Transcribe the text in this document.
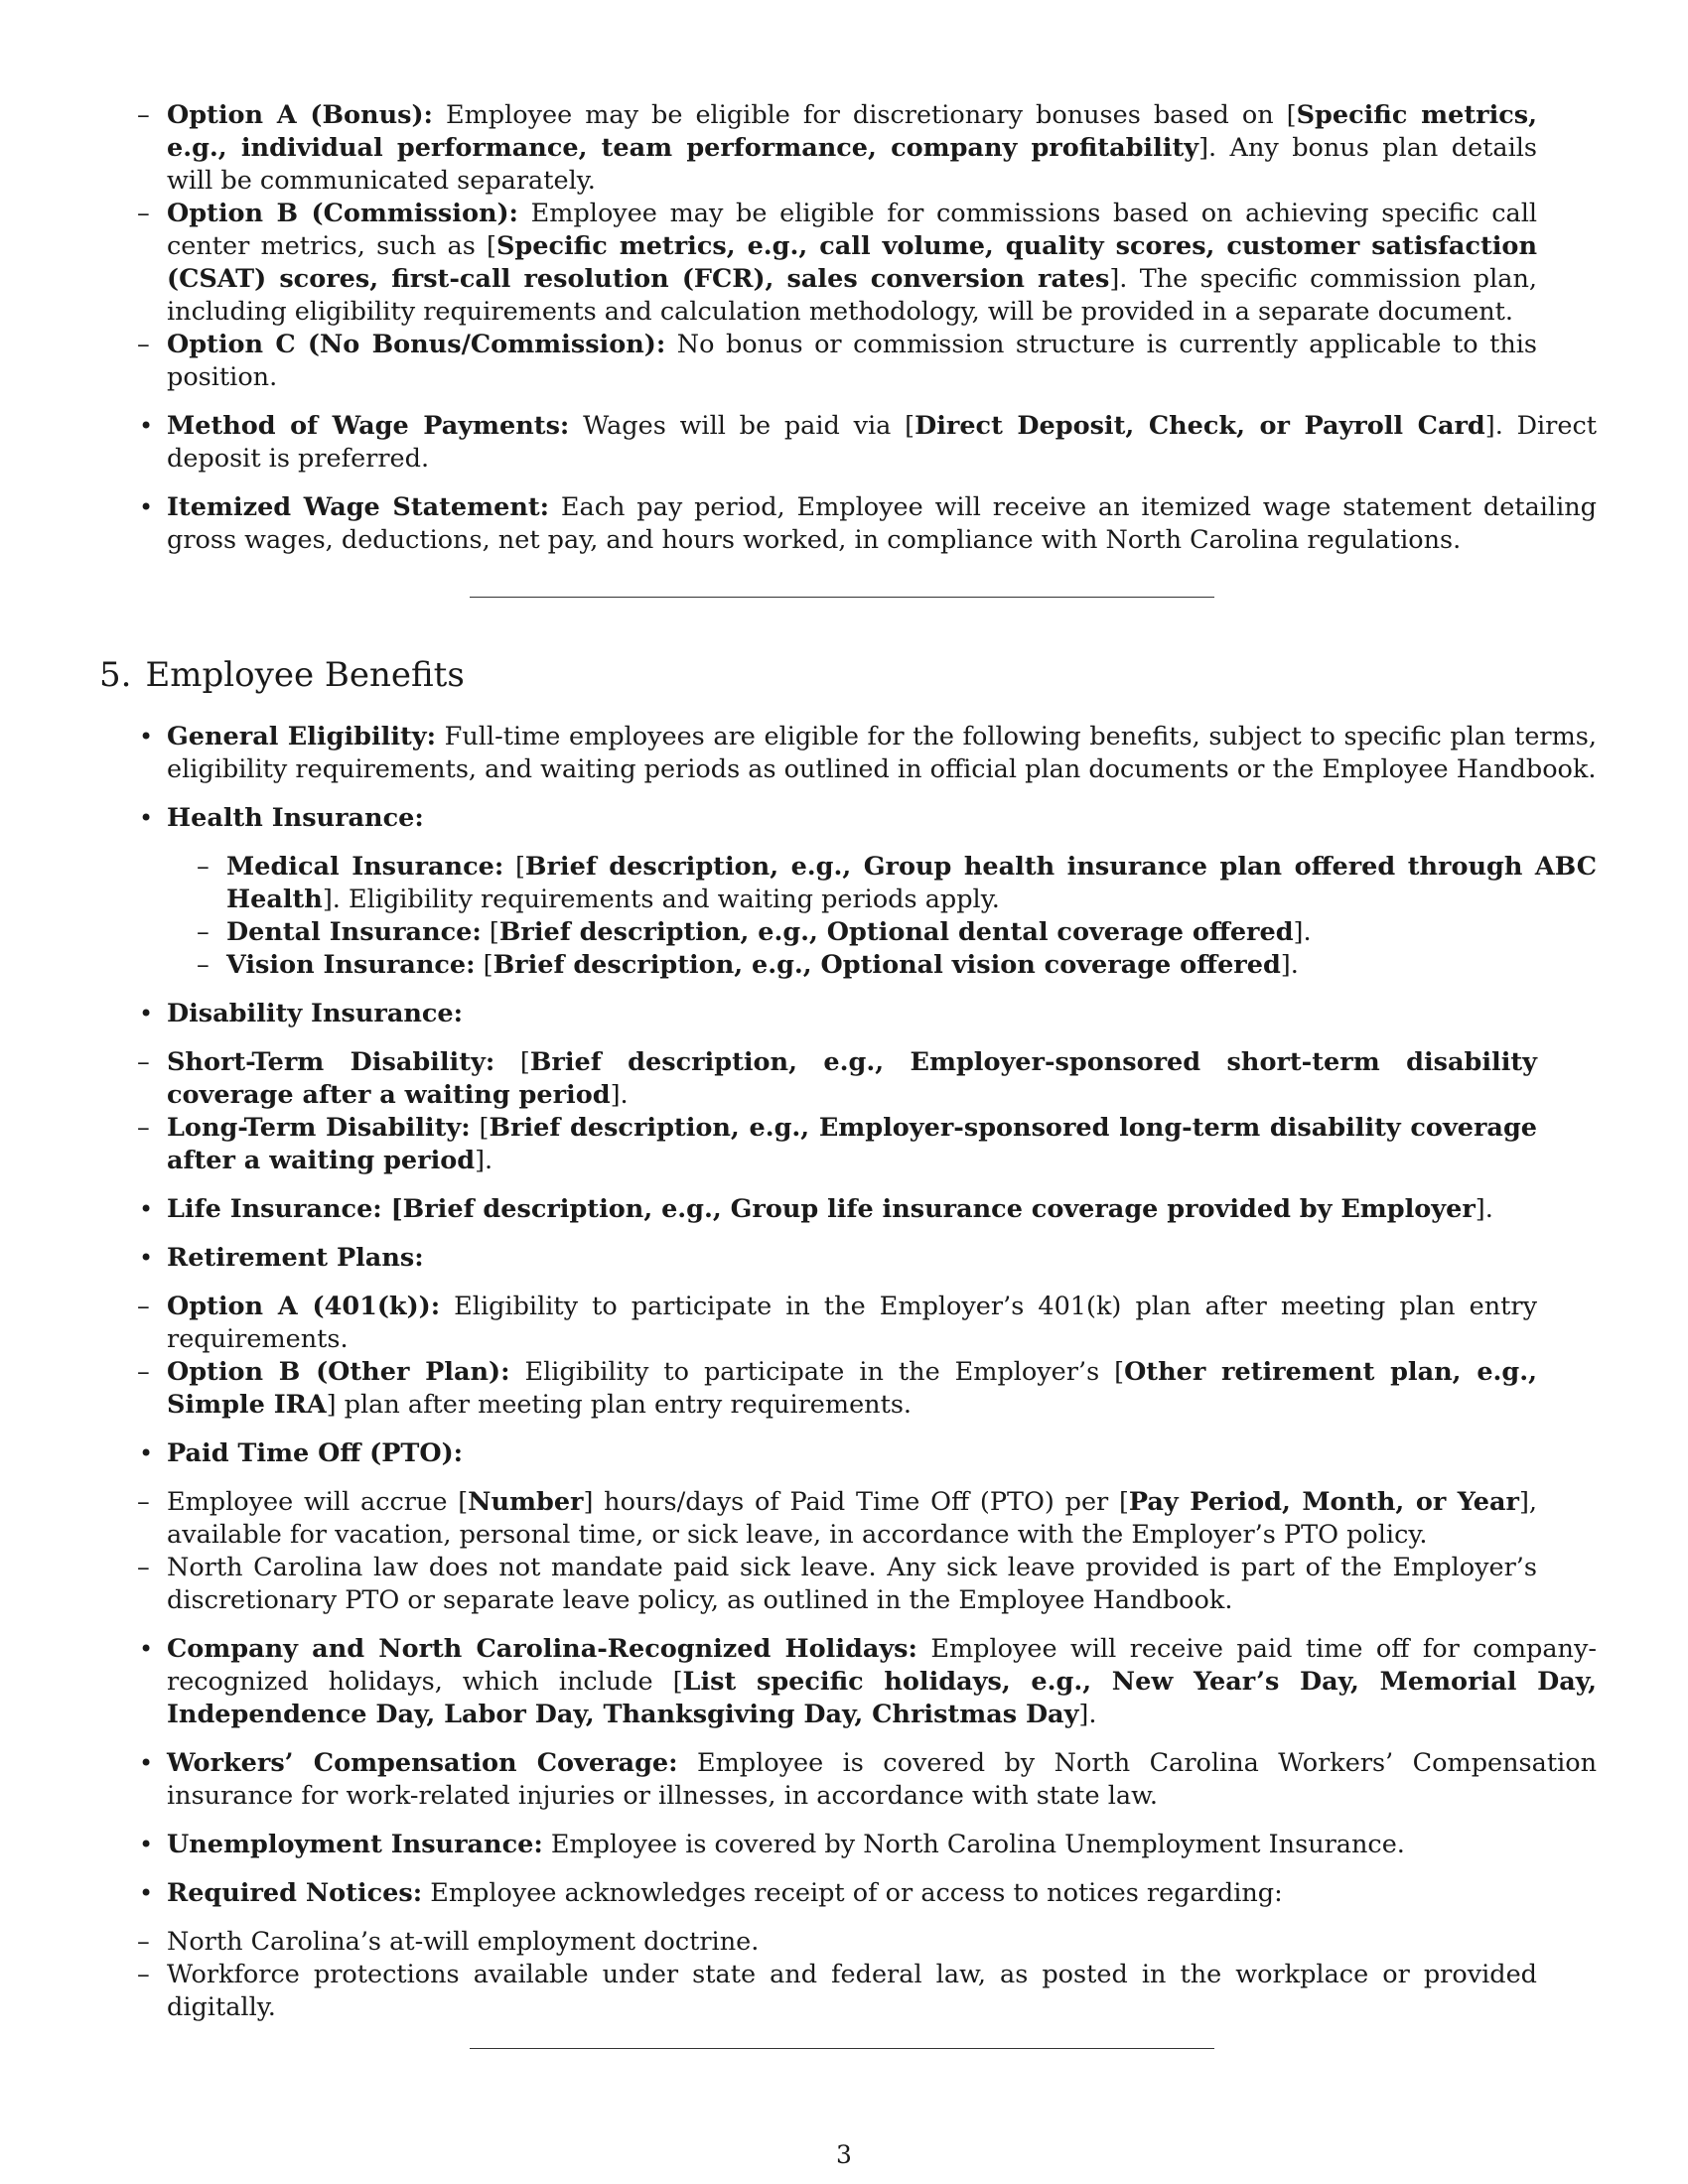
– Option A (Bonus): Employee may be eligible for discretionary bonuses based on [Specific metrics, e.g., individual performance, team performance, company profitability]. Any bonus plan details will be communicated separately.
– Option B (Commission): Employee may be eligible for commissions based on achieving specific call center metrics, such as [Specific metrics, e.g., call volume, quality scores, customer satisfaction (CSAT) scores, first-call resolution (FCR), sales conversion rates]. The specific commission plan, including eligibility requirements and calculation methodology, will be provided in a separate document.
– Option C (No Bonus/Commission): No bonus or commission structure is currently applicable to this position.
• Method of Wage Payments: Wages will be paid via [Direct Deposit, Check, or Payroll Card]. Direct deposit is preferred.
• Itemized Wage Statement: Each pay period, Employee will receive an itemized wage statement detailing gross wages, deductions, net pay, and hours worked, in compliance with North Carolina regulations.
5. Employee Benefits
• General Eligibility: Full-time employees are eligible for the following benefits, subject to specific plan terms, eligibility requirements, and waiting periods as outlined in official plan documents or the Employee Handbook.
• Health Insurance:
– Medical Insurance: [Brief description, e.g., Group health insurance plan offered through ABC Health]. Eligibility requirements and waiting periods apply.
– Dental Insurance: [Brief description, e.g., Optional dental coverage offered].
– Vision Insurance: [Brief description, e.g., Optional vision coverage offered].
• Disability Insurance:
– Short-Term Disability: [Brief description, e.g., Employer-sponsored short-term disability coverage after a waiting period].
– Long-Term Disability: [Brief description, e.g., Employer-sponsored long-term disability coverage after a waiting period].
• Life Insurance: [Brief description, e.g., Group life insurance coverage provided by Employer].
• Retirement Plans:
– Option A (401(k)): Eligibility to participate in the Employer’s 401(k) plan after meeting plan entry requirements.
– Option B (Other Plan): Eligibility to participate in the Employer’s [Other retirement plan, e.g., Simple IRA] plan after meeting plan entry requirements.
• Paid Time Off (PTO):
– Employee will accrue [Number] hours/days of Paid Time Off (PTO) per [Pay Period, Month, or Year], available for vacation, personal time, or sick leave, in accordance with the Employer’s PTO policy.
– North Carolina law does not mandate paid sick leave. Any sick leave provided is part of the Employer’s discretionary PTO or separate leave policy, as outlined in the Employee Handbook.
• Company and North Carolina-Recognized Holidays: Employee will receive paid time off for company-recognized holidays, which include [List specific holidays, e.g., New Year’s Day, Memorial Day, Independence Day, Labor Day, Thanksgiving Day, Christmas Day].
• Workers’ Compensation Coverage: Employee is covered by North Carolina Workers’ Compensation insurance for work-related injuries or illnesses, in accordance with state law.
• Unemployment Insurance: Employee is covered by North Carolina Unemployment Insurance.
• Required Notices: Employee acknowledges receipt of or access to notices regarding:
– North Carolina’s at-will employment doctrine.
– Workforce protections available under state and federal law, as posted in the workplace or provided digitally.
3
